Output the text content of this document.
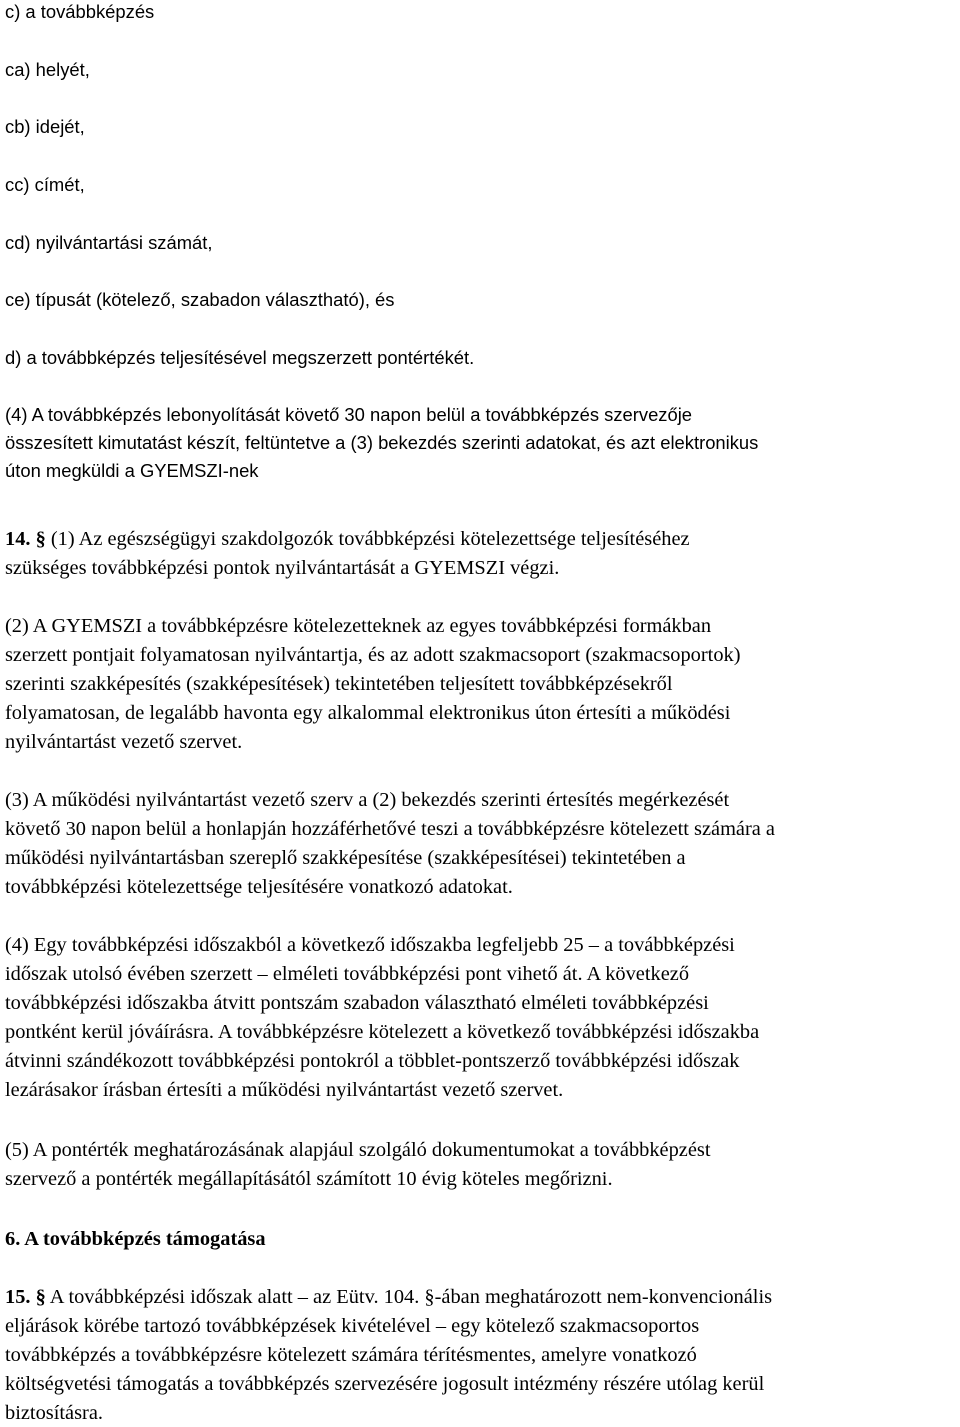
c) a továbbképzés
ca) helyét,
cb) idejét,
cc) címét,
cd) nyilvántartási számát,
ce) típusát (kötelező, szabadon választható), és
d) a továbbképzés teljesítésével megszerzett pontértékét.
(4) A továbbképzés lebonyolítását követő 30 napon belül a továbbképzés szervezője
összesített kimutatást készít, feltüntetve a (3) bekezdés szerinti adatokat, és azt elektronikus
úton megküldi a GYEMSZI-nek
14. § (1) Az egészségügyi szakdolgozók továbbképzési kötelezettsége teljesítéséhez
szükséges továbbképzési pontok nyilvántartását a GYEMSZI végzi.
(2) A GYEMSZI a továbbképzésre kötelezetteknek az egyes továbbképzési formákban
szerzett pontjait folyamatosan nyilvántartja, és az adott szakmacsoport (szakmacsoportok)
szerinti szakképesítés (szakképesítések) tekintetében teljesített továbbképzésekről
folyamatosan, de legalább havonta egy alkalommal elektronikus úton értesíti a működési
nyilvántartást vezető szervet.
(3) A működési nyilvántartást vezető szerv a (2) bekezdés szerinti értesítés megérkezését
követő 30 napon belül a honlapján hozzáférhetővé teszi a továbbképzésre kötelezett számára a
működési nyilvántartásban szereplő szakképesítése (szakképesítései) tekintetében a
továbbképzési kötelezettsége teljesítésére vonatkozó adatokat.
(4) Egy továbbképzési időszakból a következő időszakba legfeljebb 25 – a továbbképzési
időszak utolsó évében szerzett – elméleti továbbképzési pont vihető át. A következő
továbbképzési időszakba átvitt pontszám szabadon választható elméleti továbbképzési
pontként kerül jóváírásra. A továbbképzésre kötelezett a következő továbbképzési időszakba
átvinni szándékozott továbbképzési pontokról a többlet-pontszerző továbbképzési időszak
lezárásakor írásban értesíti a működési nyilvántartást vezető szervet.
(5) A pontérték meghatározásának alapjául szolgáló dokumentumokat a továbbképzést
szervező a pontérték megállapításától számított 10 évig köteles megőrizni.
6. A továbbképzés támogatása
15. § A továbbképzési időszak alatt – az Eütv. 104. §-ában meghatározott nem-konvencionális
eljárások körébe tartozó továbbképzések kivételével – egy kötelező szakmacsoportos
továbbképzés a továbbképzésre kötelezett számára térítésmentes, amelyre vonatkozó
költségvetési támogatás a továbbképzés szervezésére jogosult intézmény részére utólag kerül
biztosításra.
